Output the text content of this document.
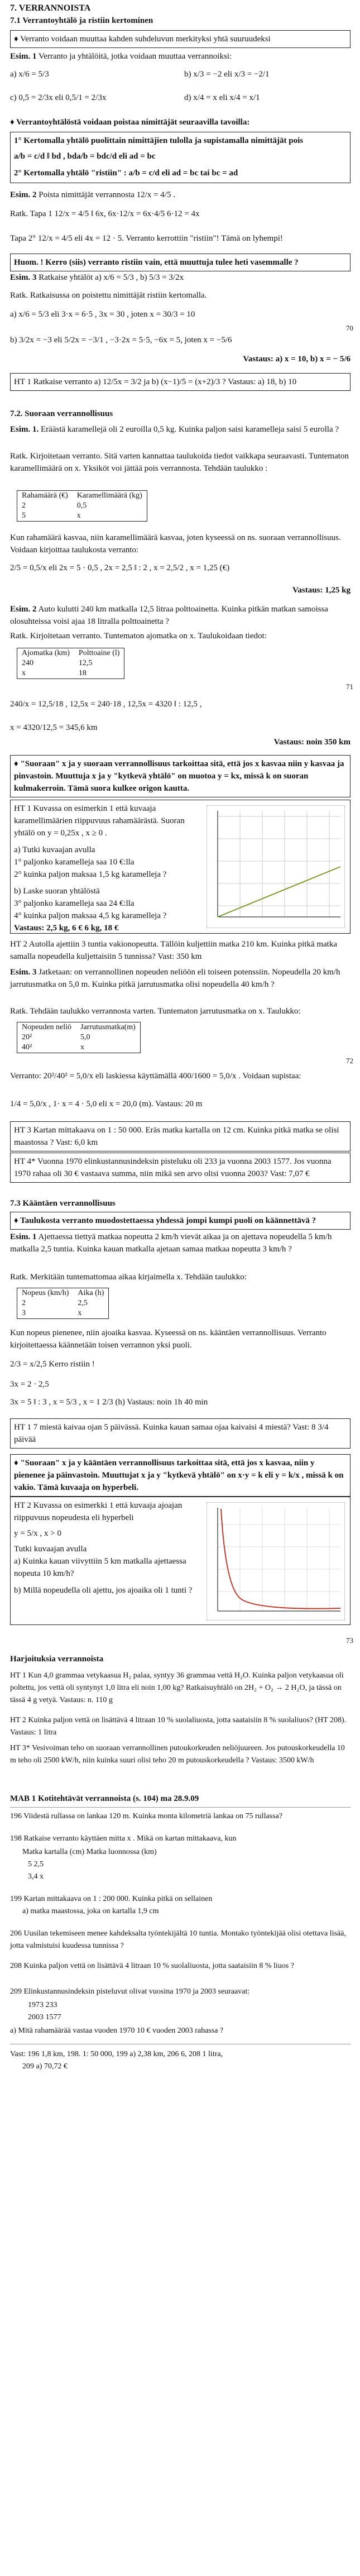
7. VERRANNOISTA
7.1 Verrantoyhtälö ja ristiin kertominen
♦ Verranto voidaan muuttaa kahden suhdeluvun merkityksi yhtä suuruudeksi
Esim. 1 Verranto ja yhtälöitä, jotka voidaan muuttaa verrannoiksi:
a) x/6 = 5/3	b) x/3 = −2 eli x/3 = −2/1
c) 0,5 = 2/3x eli 0,5/1 = 2/3x	d) x/4 = x eli x/4 = x/1
♦ Verrantoyhtälöstä voidaan poistaa nimittäjät seuraavilla tavoilla:
1° Kertomalla yhtälö puolittain nimittäjien tulolla ja supistamalla nimittäjät pois
a/b = c/d ‖ bd , bda/b = bdc/d eli ad = bc
2° Kertomalla yhtälö "ristiin" : a/b = c/d eli ad = bc tai bc = ad
Esim. 2 Poista nimittäjät verrannosta 12/x = 4/5 .
Ratk. Tapa 1 12/x = 4/5 ‖ 6x, 6x·12/x = 6x·4/5 6·12 = 4x
Tapa 2° 12/x = 4/5 eli 4x = 12 · 5. Verranto kerrottiin "ristiin"! Tämä on lyhempi!
Huom. ! Kerro (siis) verranto ristiin vain, että muuttuja tulee heti vasemmalle ?
Esim. 3 Ratkaise yhtälöt a) x/6 = 5/3 , b) 5/3 = 3/2x
Ratk. Ratkaisussa on poistettu nimittäjät ristiin kertomalla.
a) x/6 = 5/3 eli 3·x = 6·5 , 3x = 30 , joten x = 30/3 = 10
70
b) 3/2x = −3 eli 5/2x = −3/1 , −3·2x = 5·5, −6x = 5, joten x = −5/6
Vastaus: a) x = 10, b) x = − 5/6
HT 1 Ratkaise verranto a) 12/5x = 3/2 ja b) (x−1)/5 = (x+2)/3 ? Vastaus: a) 18, b) 10
7.2. Suoraan verrannollisuus
Esim. 1. Eräästä karamellejä oli 2 euroilla 0,5 kg. Kuinka paljon saisi karamelleja saisi 5 eurolla ?
Ratk. Kirjoitetaan verranto. Sitä varten kannattaa taulukoida tiedot vaikkapa seuraavasti. Tuntematon karamellimäärä on x. Yksiköt voi jättää pois verrannosta. Tehdään taulukko :
Rahamäärä (€)	Karamellimäärä (kg)
2	0,5
5	x
Kun rahamäärä kasvaa, niin karamellimäärä kasvaa, joten kyseessä on ns. suoraan verrannollisuus. Voidaan kirjoittaa taulukosta verranto:
2/5 = 0,5/x eli 2x = 5 · 0,5 , 2x = 2,5 ‖ : 2 , x = 2,5/2 , x = 1,25 (€)
Vastaus: 1,25 kg
Esim. 2 Auto kulutti 240 km matkalla 12,5 litraa polttoainetta. Kuinka pitkän matkan samoissa olosuhteissa voisi ajaa 18 litralla polttoainetta ?
Ratk. Kirjoitetaan verranto. Tuntematon ajomatka on x. Taulukoidaan tiedot:
Ajomatka (km)	Polttoaine (l)
240	12,5
x	18
71
240/x = 12,5/18 , 12,5x = 240·18 , 12,5x = 4320 ‖ : 12,5 ,
x = 4320/12,5 = 345,6 km
Vastaus: noin 350 km
♦ "Suoraan" x ja y suoraan verrannollisuus tarkoittaa sitä, että jos x kasvaa niin y kasvaa ja pinvastoin. Muuttuja x ja y "kytkevä yhtälö" on muotoa y = kx, missä k on suoran kulmakerroin. Tämä suora kulkee origon kautta.
HT 1 Kuvassa on esimerkin 1 että kuvaaja karamellimäärien riippuvuus rahamäärästä. Suoran yhtälö on y = 0,25x , x ≥ 0 .
a) Tutki kuvaajan avulla
1° paljonko karamelleja saa 10 €:lla
2° kuinka paljon maksaa 1,5 kg karamelleja ?
b) Laske suoran yhtälöstä
3° paljonko karamelleja saa 24 €:lla
4° kuinka paljon maksaa 4,5 kg karamelleja ?
Vastaus: 2,5 kg, 6 € 6 kg, 18 €
HT 2 Autolla ajettiin 3 tuntia vakionopeutta. Tällöin kuljettiin matka 210 km. Kuinka pitkä matka samalla nopeudella kuljettaisiin 5 tunnissa? Vast: 350 km
Esim. 3 Jatketaan: on verrannollinen nopeuden neliöön eli toiseen potenssiin. Nopeudella 20 km/h jarrutusmatka on 5,0 m. Kuinka pitkä jarrutusmatka olisi nopeudella 40 km/h ?
Ratk. Tehdään taulukko verrannosta varten. Tuntematon jarrutusmatka on x. Taulukko:
Nopeuden neliö	Jarrutusmatka(m)
20²	5,0
40²	x
72
Verranto: 20²/40² = 5,0/x eli laskiessa käyttämällä 400/1600 = 5,0/x . Voidaan supistaa:
1/4 = 5,0/x , 1· x = 4 · 5,0 eli x = 20,0 (m). Vastaus: 20 m
HT 3 Kartan mittakaava on 1 : 50 000. Eräs matka kartalla on 12 cm. Kuinka pitkä matka se olisi maastossa ? Vast: 6,0 km
HT 4* Vuonna 1970 elinkustannusindeksin pisteluku oli 233 ja vuonna 2003 1577. Jos vuonna 1970 rahaa oli 30 € vastaava summa, niin mikä sen arvo olisi vuonna 2003? Vast: 7,07 €
7.3 Kääntäen verrannollisuus
♦ Taulukosta verranto muodostettaessa yhdessä jompi kumpi puoli on käännettävä ?
Esim. 1 Ajettaessa tiettyä matkaa nopeutta 2 km/h vievät aikaa ja on ajettava nopeudella 5 km/h matkalla 2,5 tuntia. Kuinka kauan matkalla ajetaan samaa matkaa nopeutta 3 km/h ?
Ratk. Merkitään tuntemattomaa aikaa kirjaimella x. Tehdään taulukko:
Nopeus (km/h)	Aika (h)
2	2,5
3	x
Kun nopeus pienenee, niin ajoaika kasvaa. Kyseessä on ns. kääntäen verrannollisuus. Verranto kirjoitettaessa käännetään toisen verrannon yksi puoli.
2/3 = x/2,5 Kerro ristiin !
3x = 2 · 2,5
3x = 5 ‖ : 3 , x = 5/3 , x = 1 2/3 (h) Vastaus: noin 1h 40 min
HT 1 7 miestä kaivaa ojan 5 päivässä. Kuinka kauan samaa ojaa kaivaisi 4 miestä? Vast: 8 3/4 päivää
♦ "Suoraan" x ja y kääntäen verrannollisuus tarkoittaa sitä, että jos x kasvaa, niin y pienenee ja päinvastoin. Muuttujat x ja y "kytkevä yhtälö" on x·y = k eli y = k/x , missä k on vakio. Tämä kuvaaja on hyperbeli.
HT 2 Kuvassa on esimerkki 1 että kuvaaja ajoajan riippuvuus nopeudesta eli hyperbeli
y = 5/x , x > 0
Tutki kuvaajan avulla
a) Kuinka kauan viivyttiin 5 km matkalla ajettaessa nopeuta 10 km/h?
b) Millä nopeudella oli ajettu, jos ajoaika oli 1 tunti ?
73
Harjoituksia verrannoista
HT 1 Kun 4,0 grammaa vetykaasua H₂ palaa, syntyy 36 grammaa vettä H₂O. Kuinka paljon vetykaasua oli poltettu, jos vettä oli syntynyt 1,0 litra eli noin 1,00 kg? Ratkaisuyhtälö on 2H₂ + O₂ → 2 H₂O, ja tässä on tässä 4 g vetyä. Vastaus: n. 110 g
HT 2 Kuinka paljon vettä on lisättävä 4 litraan 10 % suolaliuosta, jotta saataisiin 8 % suolaliuos? (HT 208). Vastaus: 1 litra
HT 3* Vesivoiman teho on suoraan verrannollinen putoukorkeuden neliöjuureen. Jos putouskorkeudella 10 m teho oli 2500 kW/h, niin kuinka suuri olisi teho 20 m putouskorkeudella ? Vastaus: 3500 kW/h
MAB 1 Kotitehtävät verrannoista (s. 104) ma 28.9.09
196 Viidestä rullassa on lankaa 120 m. Kuinka monta kilometriä lankaa on 75 rullassa?
198 Ratkaise verranto käyttäen mitta x . Mikä on kartan mittakaava, kun
Matka kartalla (cm) Matka luonnossa (km)
5 2,5
3,4 x
199 Kartan mittakaava on 1 : 200 000. Kuinka pitkä on sellainen
a) matka maastossa, joka on kartalla 1,9 cm
206 Uusilan tekemiseen menee kahdeksalta työntekijältä 10 tuntia. Montako työntekijää olisi otettava lisää, jotta valmistuisi kuudessa tunnissa ?
208 Kuinka paljon vettä on lisättävä 4 litraan 10 % suolaliuosta, jotta saataisiin 8 % liuos ?
209 Elinkustannusindeksin pisteluvut olivat vuosina 1970 ja 2003 seuraavat:
1973 233
2003 1577
a) Mitä rahamäärää vastaa vuoden 1970 10 € vuoden 2003 rahassa ?
Vast: 196 1,8 km, 198. 1: 50 000, 199 a) 2,38 km, 206 6, 208 1 litra,
209 a) 70,72 €
